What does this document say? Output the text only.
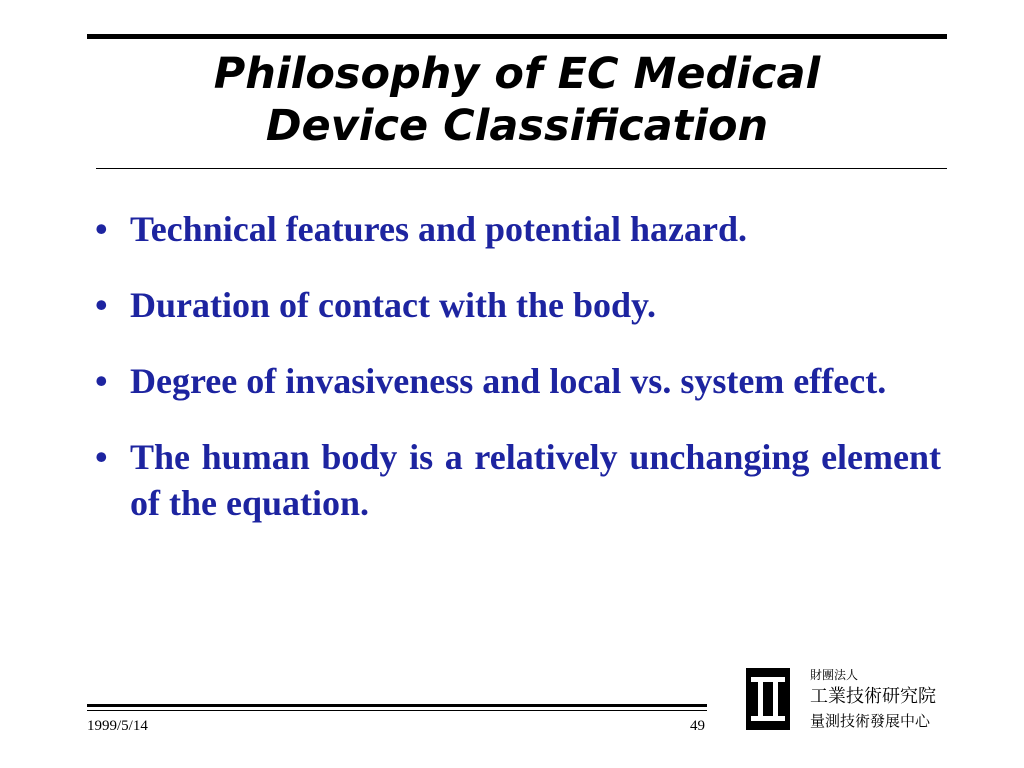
Philosophy of EC Medical
Device Classification
• Technical features and potential hazard.
• Duration of contact with the body.
• Degree of invasiveness and local vs. system effect.
• The human body is a relatively unchanging element of the equation.
1999/5/14	49
財團法人
工業技術研究院
量測技術發展中心
